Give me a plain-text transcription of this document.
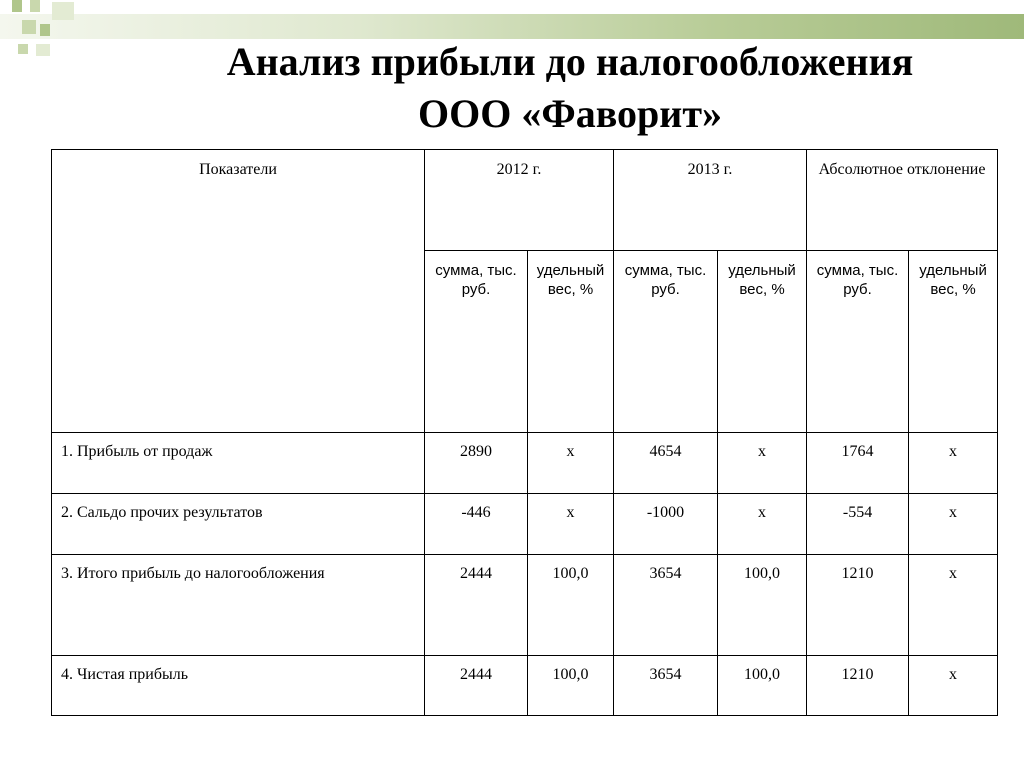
Анализ прибыли до налогообложения
ООО «Фаворит»
Показатели	2012 г.		2013 г.		Абсолютное отклонение	
	сумма, тыс. руб.	удельный вес, %	сумма, тыс. руб.	удельный вес, %	сумма, тыс. руб.	удельный вес, %
1. Прибыль от продаж	2890	х	4654	х	1764	х
2. Сальдо прочих результатов	-446	х	-1000	х	-554	х
3. Итого прибыль до налогообложения	2444	100,0	3654	100,0	1210	х
4. Чистая прибыль	2444	100,0	3654	100,0	1210	х
